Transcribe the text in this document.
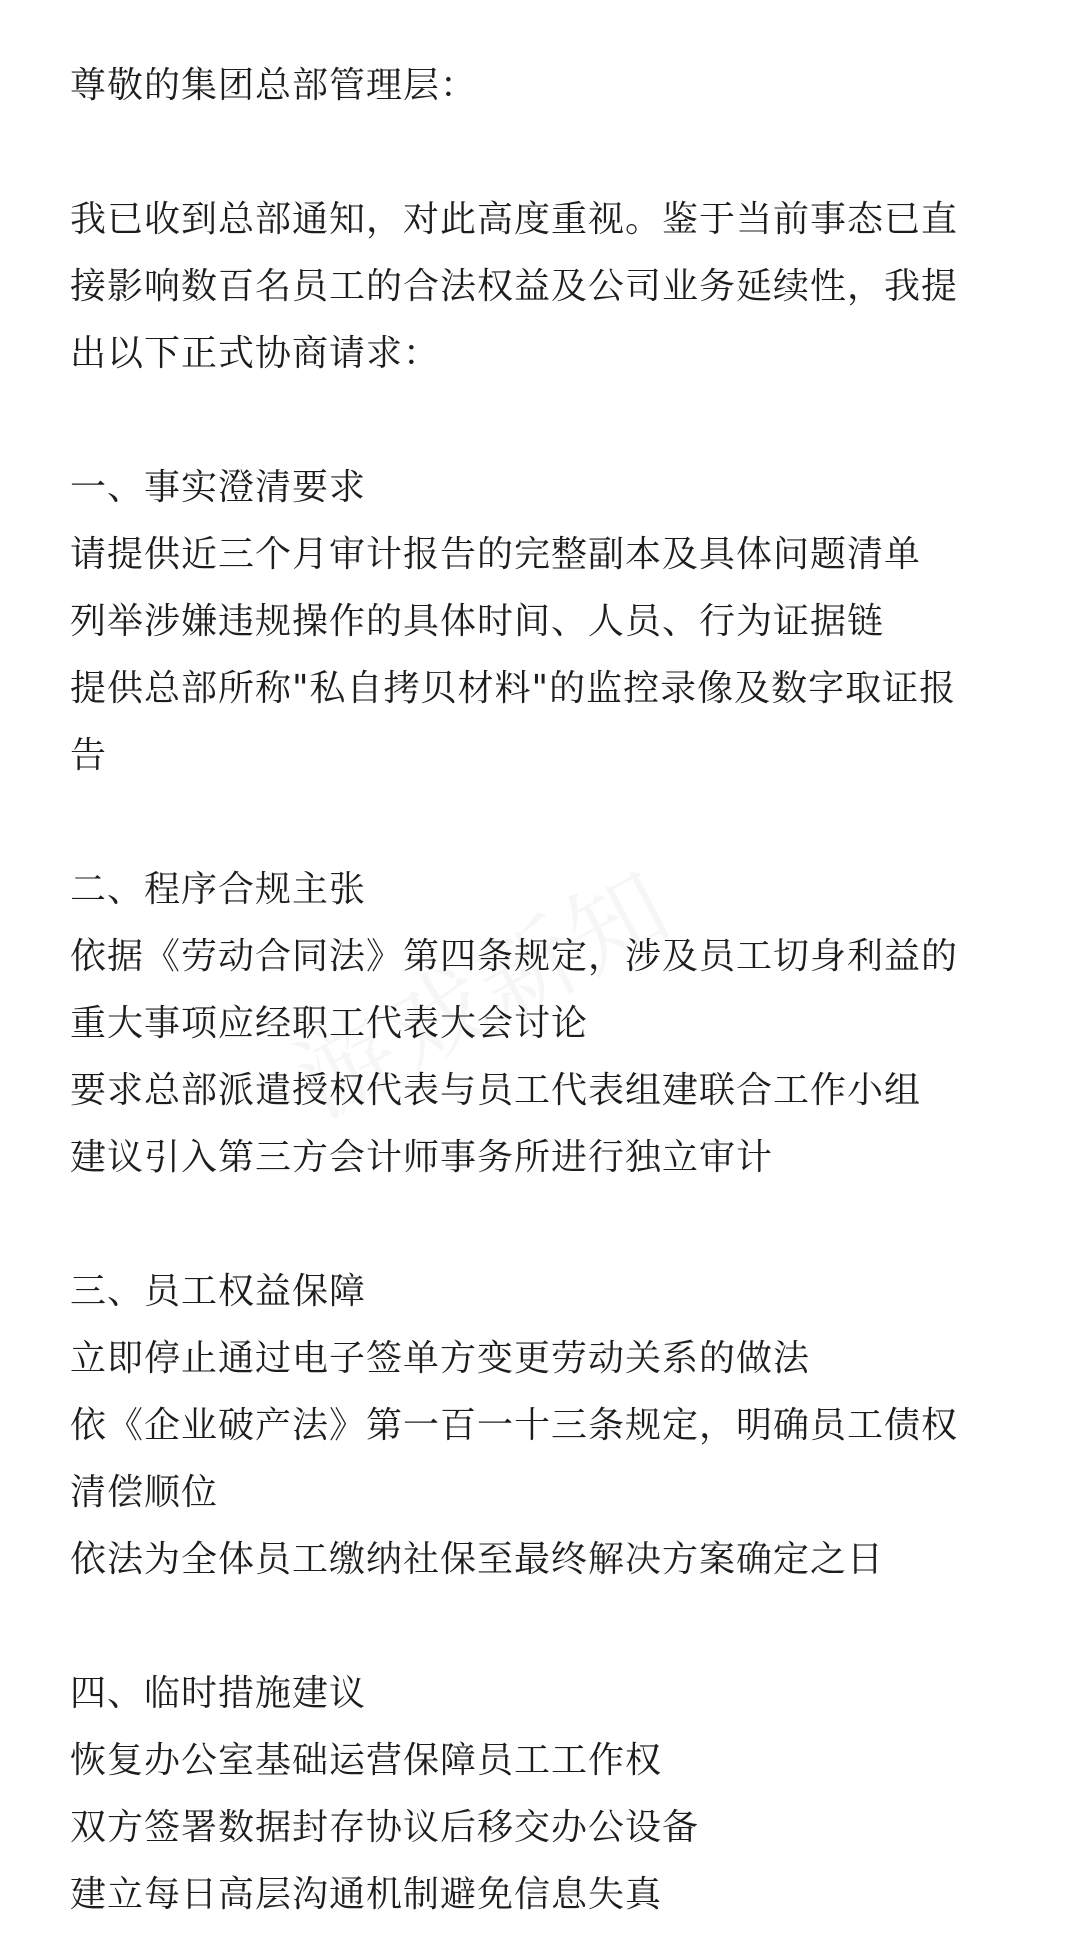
尊敬的集团总部管理层：

我已收到总部通知，对此高度重视。鉴于当前事态已直

接影响数百名员工的合法权益及公司业务延续性，我提

出以下正式协商请求：

一、事实澄清要求

请提供近三个月审计报告的完整副本及具体问题清单

列举涉嫌违规操作的具体时间、人员、行为证据链

提供总部所称"私自拷贝材料"的监控录像及数字取证报

告

二、程序合规主张

依据《劳动合同法》第四条规定，涉及员工切身利益的

重大事项应经职工代表大会讨论

要求总部派遣授权代表与员工代表组建联合工作小组

建议引入第三方会计师事务所进行独立审计

三、员工权益保障

立即停止通过电子签单方变更劳动关系的做法

依《企业破产法》第一百一十三条规定，明确员工债权

清偿顺位

依法为全体员工缴纳社保至最终解决方案确定之日

四、临时措施建议

恢复办公室基础运营保障员工工作权

双方签署数据封存协议后移交办公设备

建立每日高层沟通机制避免信息失真
